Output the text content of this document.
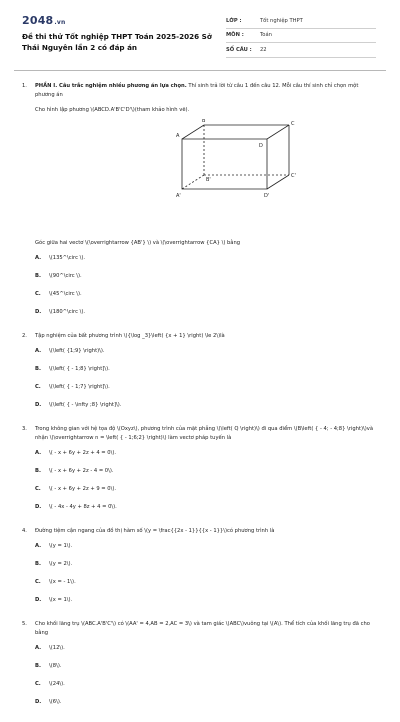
2048.vn
Đề thi thử Tốt nghiệp THPT Toán 2025-2026 Sở Thái Nguyên lần 2 có đáp án
LỚP :	Tốt nghiệp THPT
MÔN :	Toán
SỐ CÂU :	22
1.	PHẦN I. Câu trắc nghiệm nhiều phương án lựa chọn. Thí sinh trả lời từ câu 1 đến câu 12. Mỗi câu thí sinh chỉ chọn một phương án
Cho hình lập phương \(ABCD.A'B'C'D'\)(tham khảo hình vẽ).
A
B	C
D
A'
B'
C'
D'
Góc giữa hai vectơ \(\overrightarrow {AB'} \) và \(\overrightarrow {CA} \) bằng
A.	\(135^\circ \).
B.	\(90^\circ \).
C.	\(45^\circ \).
D.	\(180^\circ \).
2.	Tập nghiệm của bất phương trình \({\log _3}\left( {x + 1} \right) \le 2\)là
A.	\(\left( {1;9} \right)\).
B.	\(\left( { - 1;8} \right]\).
C.	\(\left( { - 1;7} \right]\).
D.	\(\left( { - \infty ;8} \right]\).
3.	Trong không gian với hệ tọa độ \(Oxyz\), phương trình của mặt phẳng \(\left( Q \right)\) đi qua điểm \(B\left( { - 4; - 4;8} \right)\)và nhận \(\overrightarrow n = \left( { - 1;6;2} \right)\) làm vectơ pháp tuyến là
A.	\( - x + 6y + 2z + 4 = 0\).
B.	\( - x + 6y + 2z - 4 = 0\).
C.	\( - x + 6y + 2z + 9 = 0\).
D.	\( - 4x - 4y + 8z + 4 = 0\).
4.	Đường tiệm cận ngang của đồ thị hàm số \(y = \frac{{2x - 1}}{{x - 1}}\)có phương trình là
A.	\(y = 1\).
B.	\(y = 2\).
C.	\(x = - 1\).
D.	\(x = 1\).
5.	Cho khối lăng trụ \(ABC.A'B'C'\) có \(AA' = 4,AB = 2,AC = 3\) và tam giác \(ABC\)vuông tại \(A\). Thể tích của khối lăng trụ đã cho bằng
A.	\(12\).
B.	\(8\).
C.	\(24\).
D.	\(6\).
